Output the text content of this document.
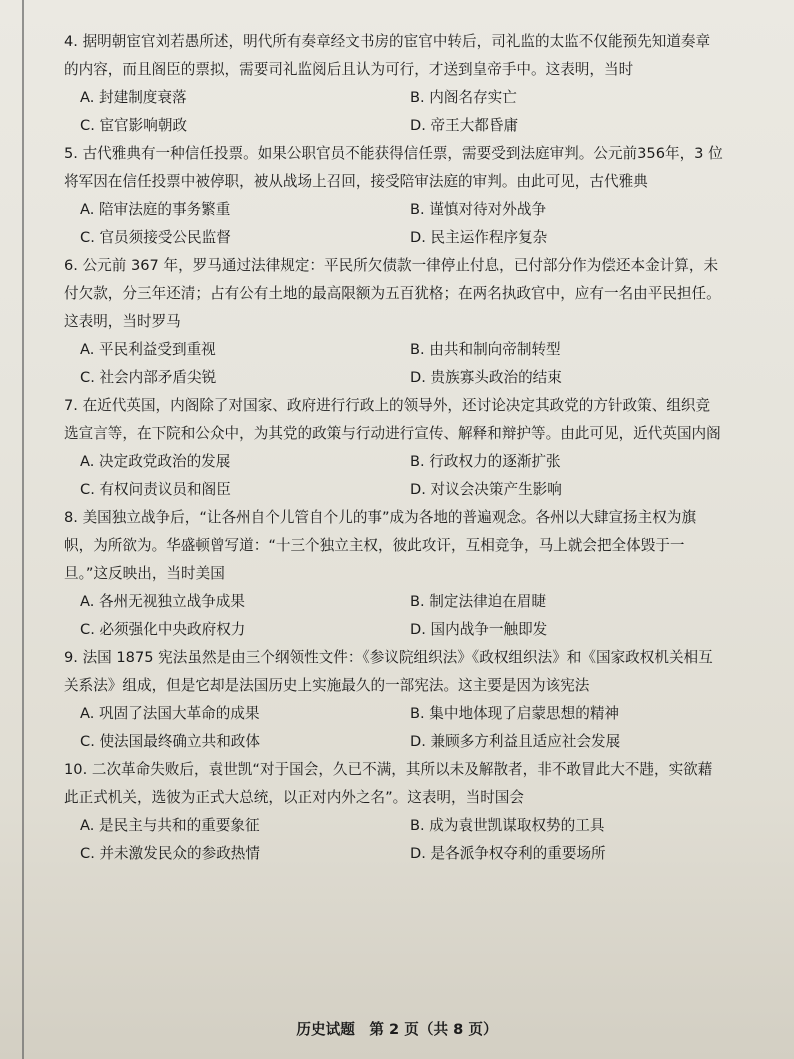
4. 据明朝宦官刘若愚所述，明代所有奏章经文书房的宦官中转后，司礼监的太监不仅能预先知道奏章的内容，而且阁臣的票拟，需要司礼监阅后且认为可行，才送到皇帝手中。这表明，当时
A. 封建制度衰落	B. 内阁名存实亡
C. 宦官影响朝政	D. 帝王大都昏庸
5. 古代雅典有一种信任投票。如果公职官员不能获得信任票，需要受到法庭审判。公元前356年，3 位将军因在信任投票中被停职，被从战场上召回，接受陪审法庭的审判。由此可见，古代雅典
A. 陪审法庭的事务繁重	B. 谨慎对待对外战争
C. 官员须接受公民监督	D. 民主运作程序复杂
6. 公元前 367 年，罗马通过法律规定：平民所欠债款一律停止付息，已付部分作为偿还本金计算，未付欠款，分三年还清；占有公有土地的最高限额为五百犹格；在两名执政官中，应有一名由平民担任。这表明，当时罗马
A. 平民利益受到重视	B. 由共和制向帝制转型
C. 社会内部矛盾尖锐	D. 贵族寡头政治的结束
7. 在近代英国，内阁除了对国家、政府进行行政上的领导外，还讨论决定其政党的方针政策、组织竞选宣言等，在下院和公众中，为其党的政策与行动进行宣传、解释和辩护等。由此可见，近代英国内阁
A. 决定政党政治的发展	B. 行政权力的逐渐扩张
C. 有权问责议员和阁臣	D. 对议会决策产生影响
8. 美国独立战争后，“让各州自个儿管自个儿的事”成为各地的普遍观念。各州以大肆宣扬主权为旗帜，为所欲为。华盛顿曾写道：“十三个独立主权，彼此攻讦，互相竞争，马上就会把全体毁于一旦。”这反映出，当时美国
A. 各州无视独立战争成果	B. 制定法律迫在眉睫
C. 必须强化中央政府权力	D. 国内战争一触即发
9. 法国 1875 宪法虽然是由三个纲领性文件：《参议院组织法》《政权组织法》和《国家政权机关相互关系法》组成，但是它却是法国历史上实施最久的一部宪法。这主要是因为该宪法
A. 巩固了法国大革命的成果	B. 集中地体现了启蒙思想的精神
C. 使法国最终确立共和政体	D. 兼顾多方利益且适应社会发展
10. 二次革命失败后，袁世凯“对于国会，久已不满，其所以未及解散者，非不敢冒此大不韪，实欲藉此正式机关，选彼为正式大总统，以正对内外之名”。这表明，当时国会
A. 是民主与共和的重要象征	B. 成为袁世凯谋取权势的工具
C. 并未激发民众的参政热情	D. 是各派争权夺利的重要场所
历史试题　第 2 页（共 8 页）
